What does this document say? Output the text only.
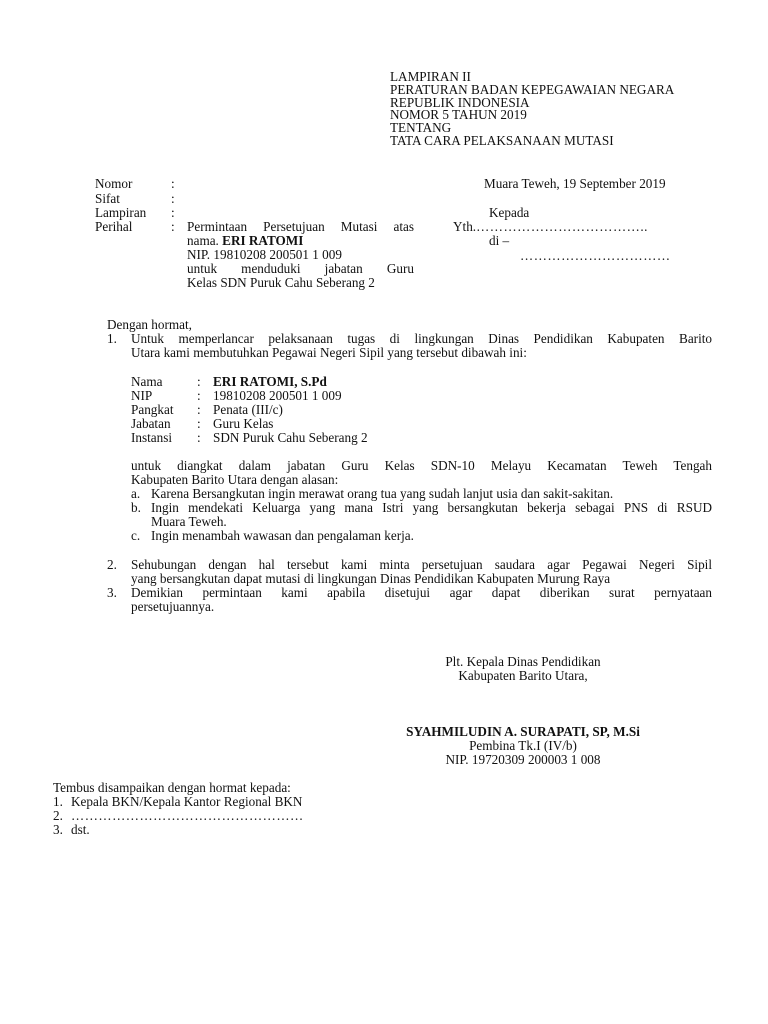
LAMPIRAN II
PERATURAN BADAN KEPEGAWAIAN NEGARA
REPUBLIK INDONESIA
NOMOR 5 TAHUN 2019
TENTANG
TATA CARA PELAKSANAAN MUTASI
Nomor	:
Sifat	:
Lampiran :
Perihal	: Permintaan Persetujuan Mutasi atas
nama. ERI RATOMI
NIP. 19810208 200501 1 009
untuk menduduki jabatan Guru
Kelas SDN Puruk Cahu Seberang 2
Muara Teweh, 19 September 2019
Kepada
Yth.………………………………..
di –
……………………………
Dengan hormat,
1. Untuk memperlancar pelaksanaan tugas di lingkungan Dinas Pendidikan Kabupaten Barito
Utara kami membutuhkan Pegawai Negeri Sipil yang tersebut dibawah ini:
Nama	: ERI RATOMI, S.Pd
NIP	: 19810208 200501 1 009
Pangkat : Penata (III/c)
Jabatan : Guru Kelas
Instansi : SDN Puruk Cahu Seberang 2
untuk diangkat dalam jabatan Guru Kelas SDN-10 Melayu Kecamatan Teweh Tengah
Kabupaten Barito Utara dengan alasan:
a. Karena Bersangkutan ingin merawat orang tua yang sudah lanjut usia dan sakit-sakitan.
b. Ingin mendekati Keluarga yang mana Istri yang bersangkutan bekerja sebagai PNS di RSUD
Muara Teweh.
c. Ingin menambah wawasan dan pengalaman kerja.
2. Sehubungan dengan hal tersebut kami minta persetujuan saudara agar Pegawai Negeri Sipil
yang bersangkutan dapat mutasi di lingkungan Dinas Pendidikan Kabupaten Murung Raya
3. Demikian permintaan kami apabila disetujui agar dapat diberikan surat pernyataan
persetujuannya.
Plt. Kepala Dinas Pendidikan
Kabupaten Barito Utara,
SYAHMILUDIN A. SURAPATI, SP, M.Si
Pembina Tk.I (IV/b)
NIP. 19720309 200003 1 008
Tembus disampaikan dengan hormat kepada:
1. Kepala BKN/Kepala Kantor Regional BKN
2. ……………………………………………
3. dst.
